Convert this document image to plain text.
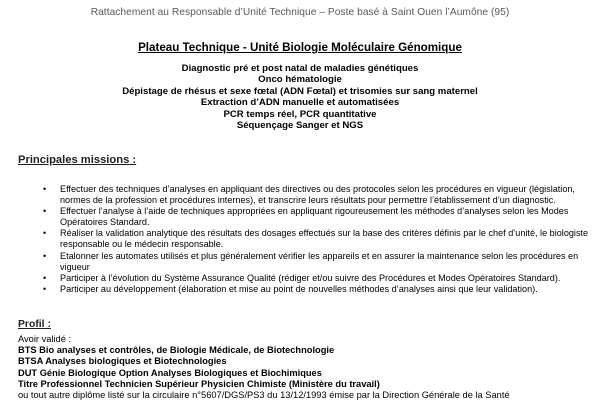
Rattachement au Responsable d’Unité Technique – Poste basé à Saint Ouen l’Aumône (95)
Plateau Technique - Unité Biologie Moléculaire Génomique
Diagnostic pré et post natal de maladies génétiques
Onco hématologie
Dépistage de rhésus et sexe fœtal (ADN Fœtal) et trisomies sur sang maternel
Extraction d’ADN manuelle et automatisées
PCR temps réel, PCR quantitative
Séquençage Sanger et NGS
Principales missions :
• Effectuer des techniques d’analyses en appliquant des directives ou des protocoles selon les procédures en vigueur (législation, normes de la profession et procédures internes), et transcrire leurs résultats pour permettre l’établissement d’un diagnostic.
• Effectuer l’analyse à l’aide de techniques appropriées en appliquant rigoureusement les méthodes d’analyses selon les Modes Opératoires Standard.
• Réaliser la validation analytique des résultats des dosages effectués sur la base des critères définis par le chef d’unité, le biologiste responsable ou le médecin responsable.
• Etalonner les automates utilisés et plus généralement vérifier les appareils et en assurer la maintenance selon les procédures en vigueur
• Participer à l’évolution du Système Assurance Qualité (rédiger et/ou suivre des Procédures et Modes Opératoires Standard).
• Participer au développement (élaboration et mise au point de nouvelles méthodes d’analyses ainsi que leur validation).
Profil :
Avoir validé :
BTS Bio analyses et contrôles, de Biologie Médicale, de Biotechnologie
BTSA Analyses biologiques et Biotechnologies
DUT Génie Biologique Option Analyses Biologiques et Biochimiques
Titre Professionnel Technicien Supérieur Physicien Chimiste (Ministère du travail)
ou tout autre diplôme listé sur la circulaire n°5607/DGS/PS3 du 13/12/1993 émise par la Direction Générale de la Santé
